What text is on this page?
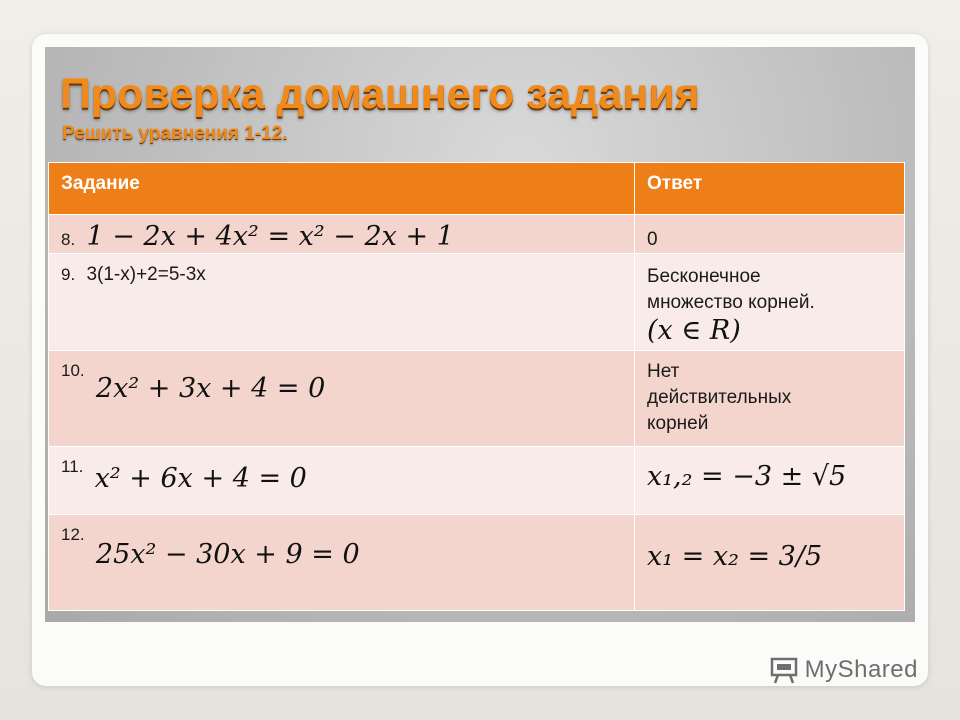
Проверка домашнего задания
Решить уравнения 1-12.
Задание	Ответ
8. 1 − 2x + 4x² = x² − 2x + 1	0

9. 3(1-x)+2=5-3x	Бесконечное
множество корней.
(x ∈ R)

10. 2x² + 3x + 4 = 0	Нет
действительных
корней

11. x² + 6x + 4 = 0	x₁,₂ = −3 ± √5
12. 25x² − 30x + 9 = 0	x₁ = x₂ = 3/5
MyShared
